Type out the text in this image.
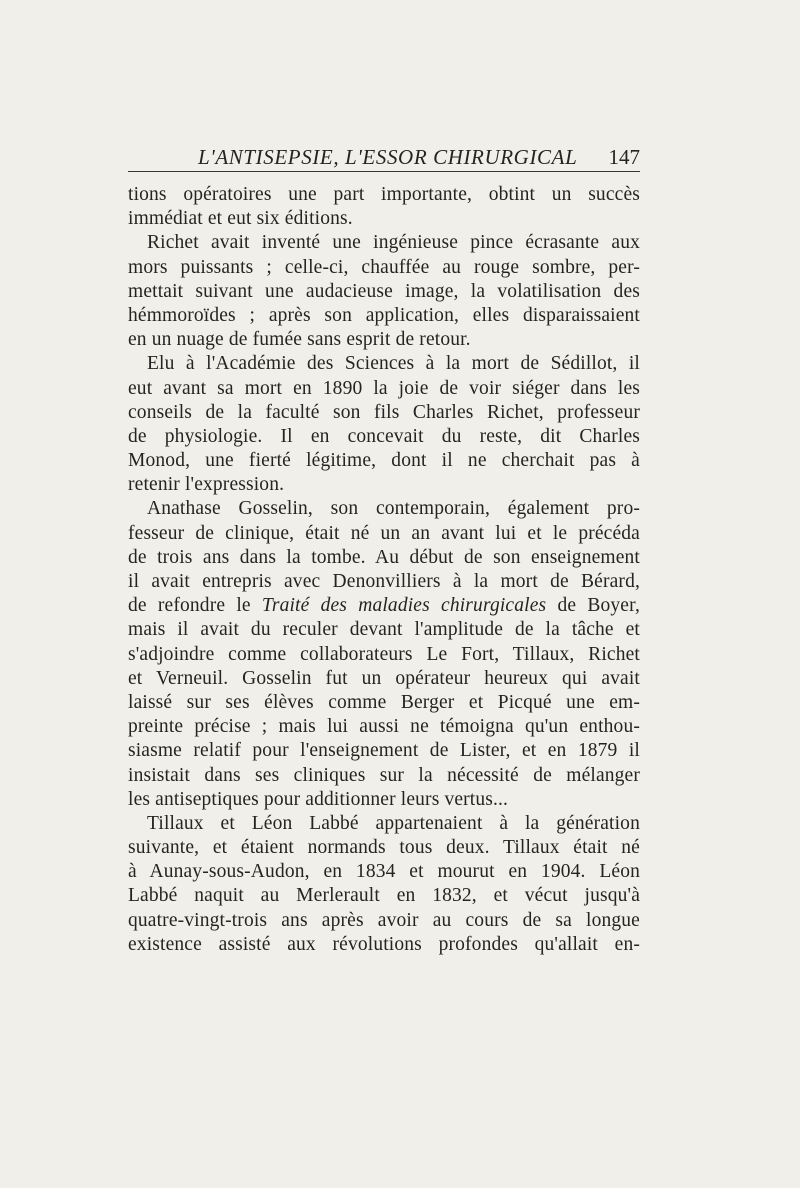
L'ANTISEPSIE, L'ESSOR CHIRURGICAL 147
tions opératoires une part importante, obtint un succès
immédiat et eut six éditions.
Richet avait inventé une ingénieuse pince écrasante aux
mors puissants ; celle-ci, chauffée au rouge sombre, per-
mettait suivant une audacieuse image, la volatilisation des
hémmoroïdes ; après son application, elles disparaissaient
en un nuage de fumée sans esprit de retour.
Elu à l'Académie des Sciences à la mort de Sédillot, il
eut avant sa mort en 1890 la joie de voir siéger dans les
conseils de la faculté son fils Charles Richet, professeur
de physiologie. Il en concevait du reste, dit Charles
Monod, une fierté légitime, dont il ne cherchait pas à
retenir l'expression.
Anathase Gosselin, son contemporain, également pro-
fesseur de clinique, était né un an avant lui et le précéda
de trois ans dans la tombe. Au début de son enseignement
il avait entrepris avec Denonvilliers à la mort de Bérard,
de refondre le Traité des maladies chirurgicales de Boyer,
mais il avait du reculer devant l'amplitude de la tâche et
s'adjoindre comme collaborateurs Le Fort, Tillaux, Richet
et Verneuil. Gosselin fut un opérateur heureux qui avait
laissé sur ses élèves comme Berger et Picqué une em-
preinte précise ; mais lui aussi ne témoigna qu'un enthou-
siasme relatif pour l'enseignement de Lister, et en 1879 il
insistait dans ses cliniques sur la nécessité de mélanger
les antiseptiques pour additionner leurs vertus...
Tillaux et Léon Labbé appartenaient à la génération
suivante, et étaient normands tous deux. Tillaux était né
à Aunay-sous-Audon, en 1834 et mourut en 1904. Léon
Labbé naquit au Merlerault en 1832, et vécut jusqu'à
quatre-vingt-trois ans après avoir au cours de sa longue
existence assisté aux révolutions profondes qu'allait en-
